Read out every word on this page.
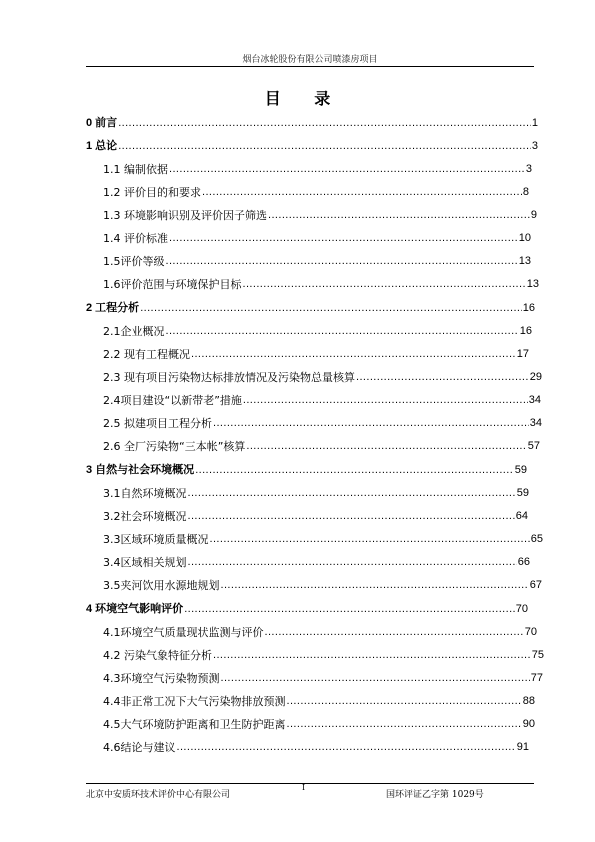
烟台冰轮股份有限公司喷漆房项目
目 录
0 前言 .....	1
1 总论 .....	3
1.1 编制依据 .....	3
1.2 评价目的和要求 .....	8
1.3 环境影响识别及评价因子筛选 .....	9
1.4 评价标准 .....	10
1.5评价等级 .....	13
1.6评价范围与环境保护目标 .....	13
2 工程分析 .....	16
2.1企业概况 .....	16
2.2 现有工程概况 .....	17
2.3 现有项目污染物达标排放情况及污染物总量核算 .....	29
2.4项目建设“以新带老”措施 .....	34
2.5 拟建项目工程分析 .....	34
2.6 全厂污染物“三本帐”核算 .....	57
3 自然与社会环境概况 .....	59
3.1自然环境概况 .....	59
3.2社会环境概况 .....	64
3.3区域环境质量概况 .....	65
3.4区域相关规划 .....	66
3.5夹河饮用水源地规划 .....	67
4 环境空气影响评价 .....	70
4.1环境空气质量现状监测与评价 .....	70
4.2 污染气象特征分析 .....	75
4.3环境空气污染物预测 .....	77
4.4非正常工况下大气污染物排放预测 .....	88
4.5大气环境防护距离和卫生防护距离 .....	90
4.6结论与建议 .....	91
北京中安质环技术评价中心有限公司
I
国环评证乙字第 1029号
